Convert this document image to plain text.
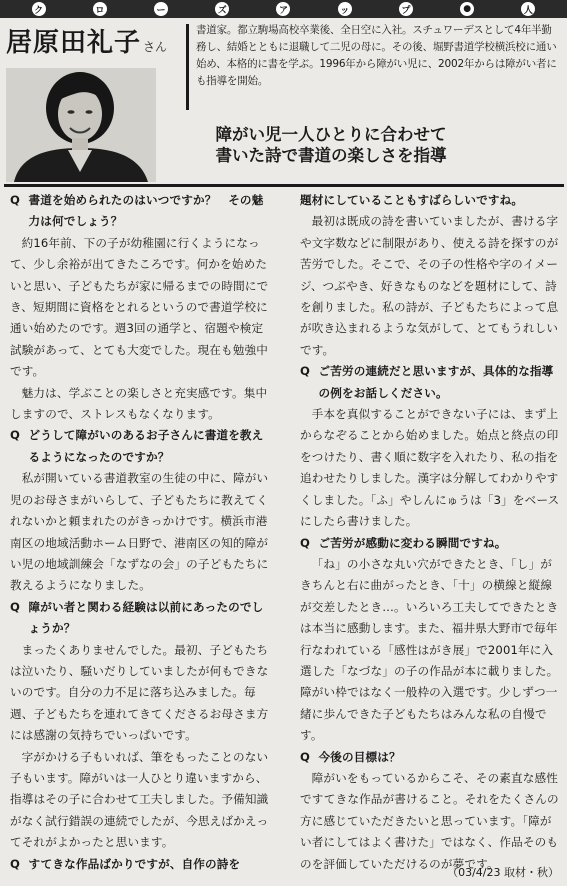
ク	ロ	ー	ズ	ア	ッ	プ	●	人
居原田礼子 さん
書道家。都立駒場高校卒業後、全日空に入社。スチュワーデスとして4年半勤務し、結婚とともに退職して二児の母に。その後、堀野書道学校横浜校に通い始め、本格的に書を学ぶ。1996年から障がい児に、2002年からは障がい者にも指導を開始。
障がい児一人ひとりに合わせて
書いた詩で書道の楽しさを指導

Q 書道を始められたのはいつですか？　その魅力は何でしょう？

約16年前、下の子が幼稚園に行くようになって、少し余裕が出てきたころです。何かを始めたいと思い、子どもたちが家に帰るまでの時間にでき、短期間に資格をとれるというので書道学校に通い始めたのです。週3回の通学と、宿題や検定試験があって、とても大変でした。現在も勉強中です。

魅力は、学ぶことの楽しさと充実感です。集中しますので、ストレスもなくなります。

Q どうして障がいのあるお子さんに書道を教えるようになったのですか？

私が開いている書道教室の生徒の中に、障がい児のお母さまがいらして、子どもたちに教えてくれないかと頼まれたのがきっかけです。横浜市港南区の地域活動ホーム日野で、港南区の知的障がい児の地域訓練会「なずなの会」の子どもたちに教えるようになりました。

Q 障がい者と関わる経験は以前にあったのでしょうか？

まったくありませんでした。最初、子どもたちは泣いたり、騒いだりしていましたが何もできないのです。自分の力不足に落ち込みました。毎週、子どもたちを連れてきてくださるお母さま方には感謝の気持ちでいっぱいです。

字がかける子もいれば、筆をもったことのない子もいます。障がいは一人ひとり違いますから、指導はその子に合わせて工夫しました。予備知識がなく試行錯誤の連続でしたが、今思えばかえってそれがよかったと思います。

Q すてきな作品ばかりですが、自作の詩を

題材にしていることもすばらしいですね。

最初は既成の詩を書いていましたが、書ける字や文字数などに制限があり、使える詩を探すのが苦労でした。そこで、その子の性格や字のイメージ、つぶやき、好きなものなどを題材にして、詩を創りました。私の詩が、子どもたちによって息が吹き込まれるような気がして、とてもうれしいです。

Q ご苦労の連続だと思いますが、具体的な指導の例をお話しください。

手本を真似することができない子には、まず上からなぞることから始めました。始点と終点の印をつけたり、書く順に数字を入れたり、私の指を追わせたりしました。漢字は分解してわかりやすくしました。「ふ」やしんにゅうは「3」をベースにしたら書けました。

Q ご苦労が感動に変わる瞬間ですね。

「ね」の小さな丸い穴ができたとき、「し」がきちんと右に曲がったとき、「十」の横線と縦線が交差したとき…。いろいろ工夫してできたときは本当に感動します。また、福井県大野市で毎年行なわれている「感性はがき展」で2001年に入選した「なづな」の子の作品が本に載りました。障がい枠ではなく一般枠の入選です。少しずつ一緒に歩んできた子どもたちはみんな私の自慢です。

Q 今後の目標は？

障がいをもっているからこそ、その素直な感性ですてきな作品が書けること。それをたくさんの方に感じていただきたいと思っています。「障がい者にしてはよく書けた」ではなく、作品そのものを評価していただけるのが夢です。

（03/4/23 取材・秋）
